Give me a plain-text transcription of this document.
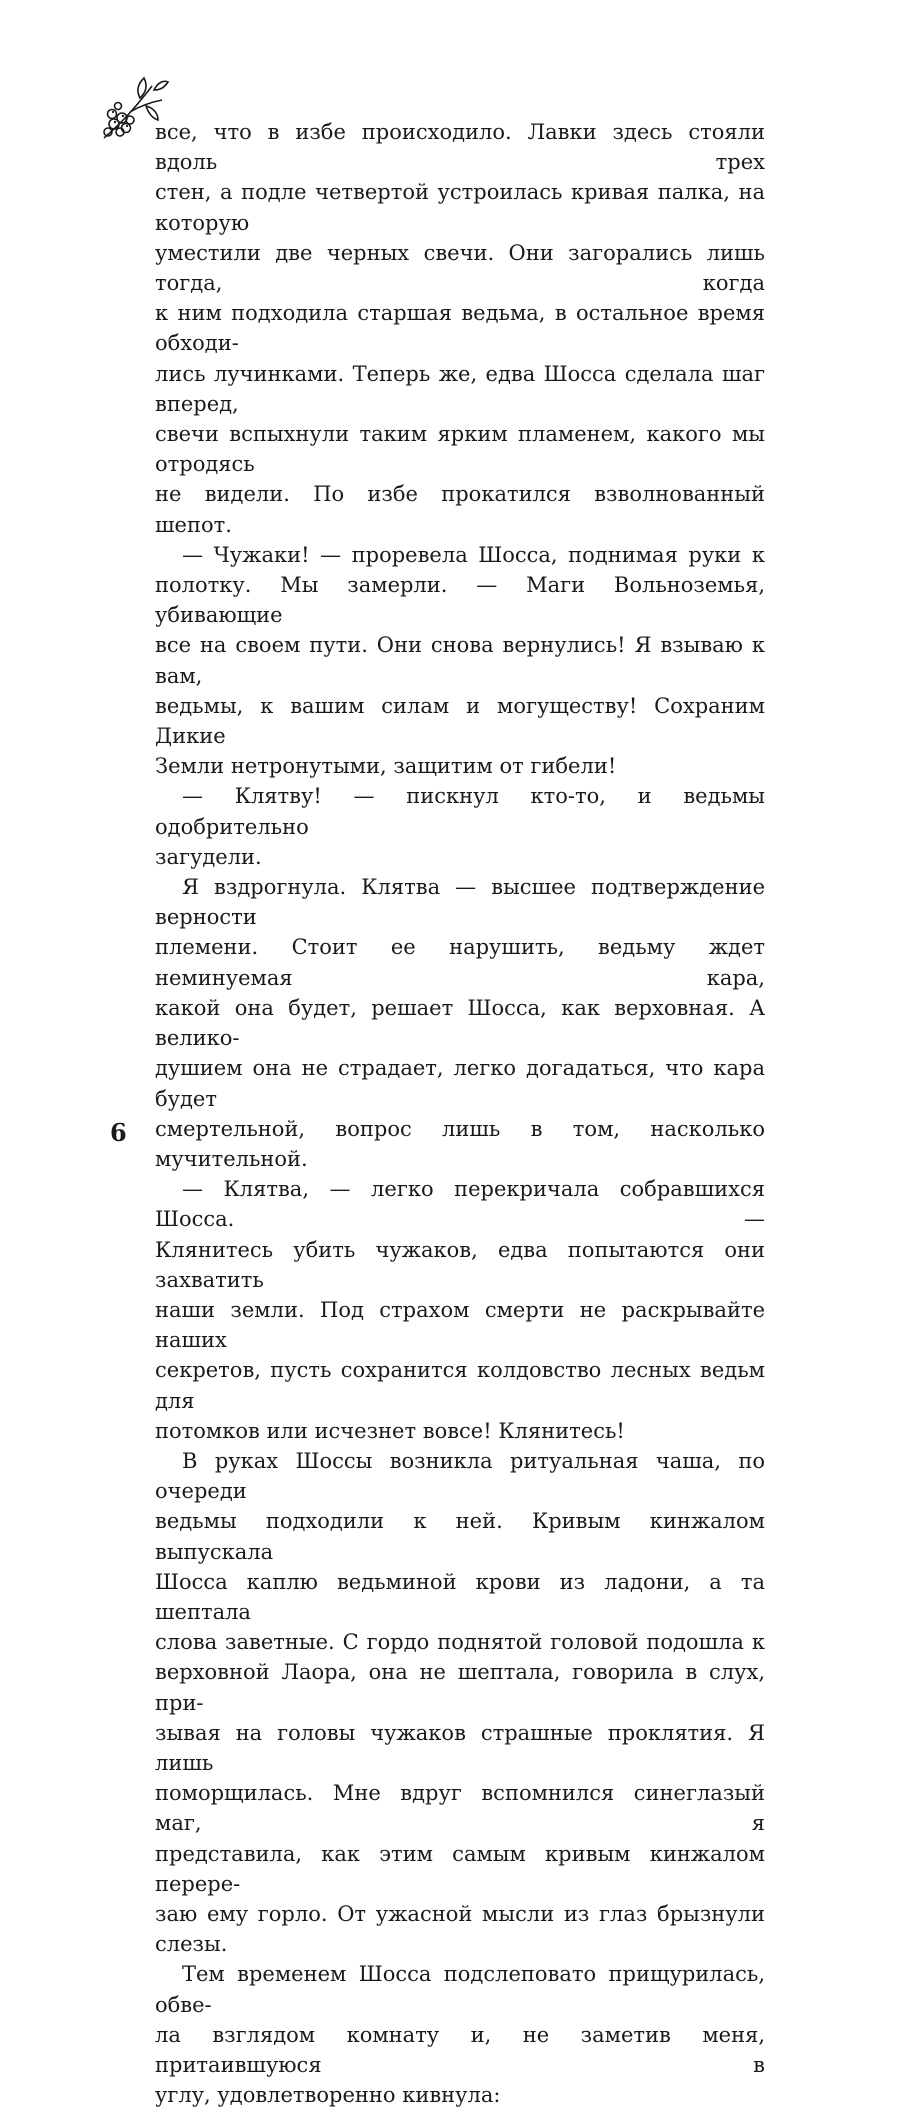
все, что в избе происходило. Лавки здесь стояли вдоль трех

стен, а подле четвертой устроилась кривая палка, на которую

уместили две черных свечи. Они загорались лишь тогда, когда

к ним подходила старшая ведьма, в остальное время обходи-

лись лучинками. Теперь же, едва Шосса сделала шаг вперед,

свечи вспыхнули таким ярким пламенем, какого мы отродясь

не видели. По избе прокатился взволнованный шепот.

— Чужаки! — проревела Шосса, поднимая руки к

полотку. Мы замерли. — Маги Вольноземья, убивающие

все на своем пути. Они снова вернулись! Я взываю к вам,

ведьмы, к вашим силам и могуществу! Сохраним Дикие

Земли нетронутыми, защитим от гибели!

— Клятву! — пискнул кто-то, и ведьмы одобрительно

загудели.

Я вздрогнула. Клятва — высшее подтверждение верности

племени. Стоит ее нарушить, ведьму ждет неминуемая кара,

какой она будет, решает Шосса, как верховная. А велико-

душием она не страдает, легко догадаться, что кара будет

смертельной, вопрос лишь в том, насколько мучительной.

— Клятва, — легко перекричала собравшихся Шосса. —

Клянитесь убить чужаков, едва попытаются они захватить

наши земли. Под страхом смерти не раскрывайте наших

секретов, пусть сохранится колдовство лесных ведьм для

потомков или исчезнет вовсе! Клянитесь!

В руках Шоссы возникла ритуальная чаша, по очереди

ведьмы подходили к ней. Кривым кинжалом выпускала

Шосса каплю ведьминой крови из ладони, а та шептала

слова заветные. С гордо поднятой головой подошла к

верховной Лаора, она не шептала, говорила в слух, при-

зывая на головы чужаков страшные проклятия. Я лишь

поморщилась. Мне вдруг вспомнился синеглазый маг, я

представила, как этим самым кривым кинжалом перере-

заю ему горло. От ужасной мысли из глаз брызнули слезы.

Тем временем Шосса подслеповато прищурилась, обве-

ла взглядом комнату и, не заметив меня, притаившуюся в

углу, удовлетворенно кивнула:

6
